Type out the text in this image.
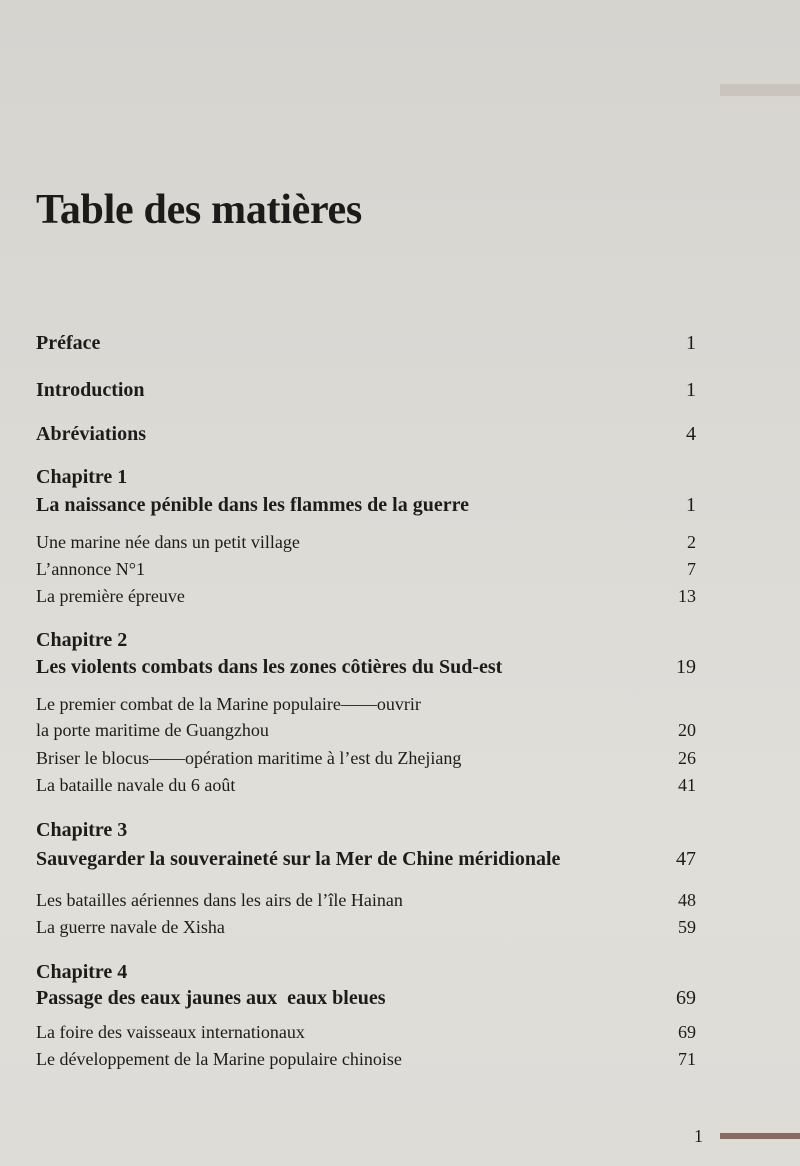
Table des matières
Préface	1
Introduction	1
Abréviations	4
Chapitre 1
La naissance pénible dans les flammes de la guerre	1
Une marine née dans un petit village	2
L’annonce N°1	7
La première épreuve	13
Chapitre 2
Les violents combats dans les zones côtières du Sud-est	19
Le premier combat de la Marine populaire——ouvrir
la porte maritime de Guangzhou	20
Briser le blocus——opération maritime à l’est du Zhejiang	26
La bataille navale du 6 août	41
Chapitre 3
Sauvegarder la souveraineté sur la Mer de Chine méridionale	47
Les batailles aériennes dans les airs de l’île Hainan	48
La guerre navale de Xisha	59
Chapitre 4
Passage des eaux jaunes aux  eaux bleues	69
La foire des vaisseaux internationaux	69
Le développement de la Marine populaire chinoise	71
1
